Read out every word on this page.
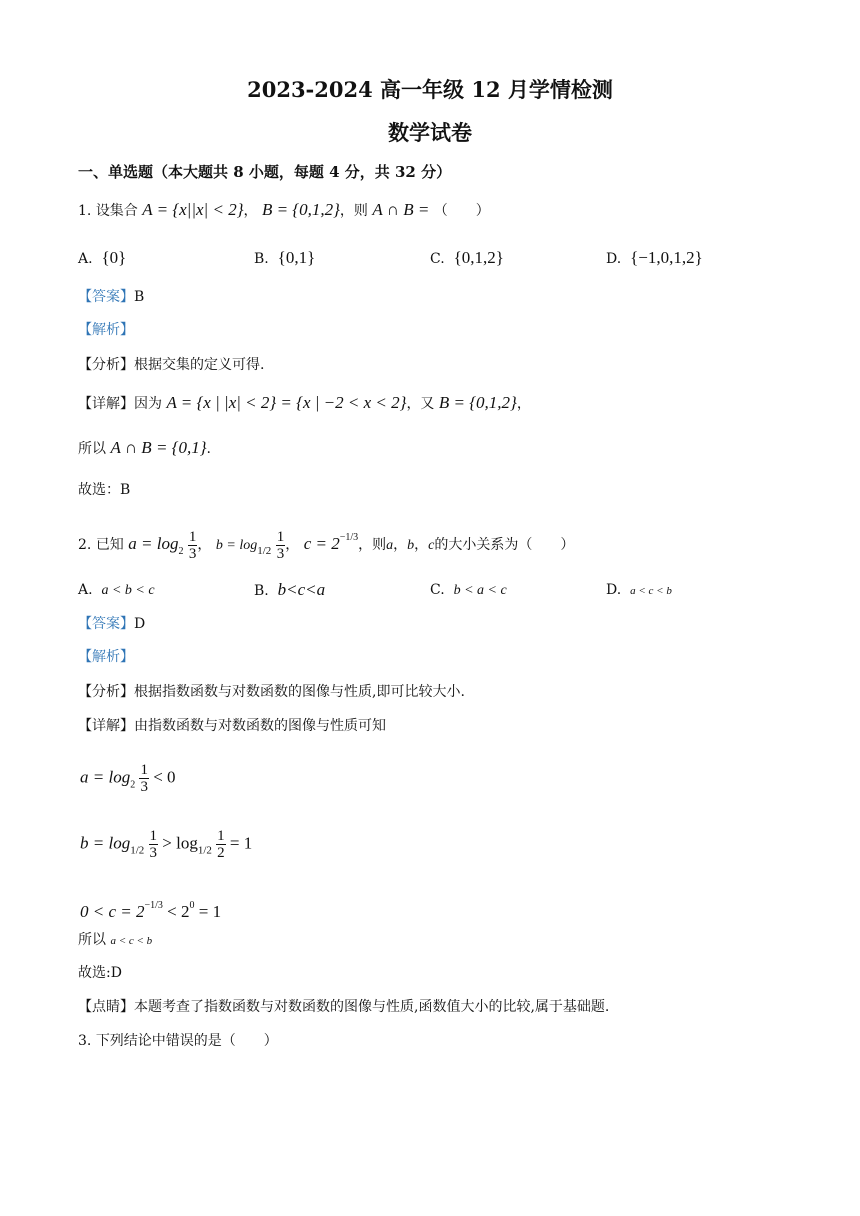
2023-2024 高一年级 12 月学情检测
数学试卷
一、单选题（本大题共 8 小题，每题 4 分，共 32 分）
1. 设集合 A = {x||x| < 2}， B = {0,1,2}，则 A ∩ B = （　　）
A. {0}	B. {0,1}	C. {0,1,2}	D. {−1,0,1,2}
【答案】B
【解析】
【分析】根据交集的定义可得.
【详解】因为 A = {x | |x| < 2} = {x | −2 < x < 2}，又 B = {0,1,2}，
所以 A ∩ B = {0,1}.
故选：B
2. 已知 $a = \log_2 \frac{1}{3}$ ， $b = \log_{1/2} \frac{1}{3}$ ， $c = 2^{-1/3}$，则a，b，c的大小关系为（　　）
A. a < b < c	B. b<c<a	C. b < a < c	D. a < c < b
【答案】D
【解析】
【分析】根据指数函数与对数函数的图像与性质,即可比较大小.
【详解】由指数函数与对数函数的图像与性质可知
$a = \log_2 \frac{1}{3} < 0$
$b = \log_{1/2} \frac{1}{3} > \log_{1/2} \frac{1}{2} = 1$
$0 < c = 2^{-1/3} < 2^0 = 1$
所以 a < c < b
故选:D
【点睛】本题考查了指数函数与对数函数的图像与性质,函数值大小的比较,属于基础题.
3. 下列结论中错误的是（　　）
